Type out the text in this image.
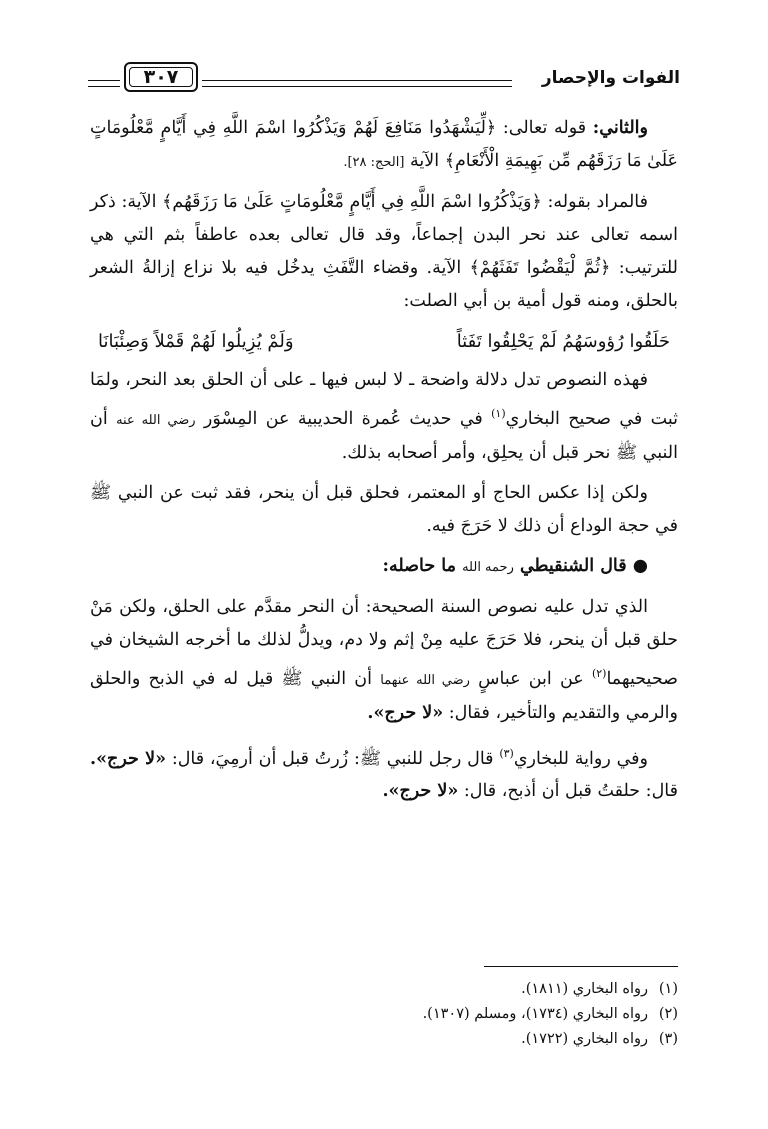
الفوات والإحصار
٣٠٧

والثاني: قوله تعالى: ﴿لِّيَشْهَدُوا مَنَافِعَ لَهُمْ وَيَذْكُرُوا اسْمَ اللَّهِ فِي أَيَّامٍ مَّعْلُومَاتٍ عَلَىٰ مَا رَزَقَهُم مِّن بَهِيمَةِ الْأَنْعَامِ﴾ الآية [الحج: ٢٨].

فالمراد بقوله: ﴿وَيَذْكُرُوا اسْمَ اللَّهِ فِي أَيَّامٍ مَّعْلُومَاتٍ عَلَىٰ مَا رَزَقَهُم﴾ الآية: ذكر اسمه تعالى عند نحر البدن إجماعاً، وقد قال تعالى بعده عاطفاً بثم التي هي للترتيب: ﴿ثُمَّ لْيَقْضُوا تَفَثَهُمْ﴾ الآية. وقضاء التَّفَثِ يدخُل فيه بلا نزاع إزالةُ الشعر بالحلق، ومنه قول أمية بن أبي الصلت:

حَلَقُوا رُؤوسَهُمُ لَمْ يَحْلِقُوا تَفَثاً
وَلَمْ يُزِيلُوا لَهُمْ قَمْلاً وَصِئْبَانَا

فهذه النصوص تدل دلالة واضحة ـ لا لبس فيها ـ على أن الحلق بعد النحر، ولمَا ثبت في صحيح البخاري$^{(١)}$ في حديث عُمرة الحديبية عن المِسْوَر رضي الله عنه أن النبي ﷺ نحر قبل أن يحلِق، وأمر أصحابه بذلك.

ولكن إذا عكس الحاج أو المعتمر، فحلق قبل أن ينحر، فقد ثبت عن النبي ﷺ في حجة الوداع أن ذلك لا حَرَجَ فيه.

● قال الشنقيطي رحمه الله ما حاصله:

الذي تدل عليه نصوص السنة الصحيحة: أن النحر مقدَّم على الحلق، ولكن مَنْ حلق قبل أن ينحر، فلا حَرَجَ عليه مِنْ إثم ولا دم، ويدلُّ لذلك ما أخرجه الشيخان في صحيحيهما$^{(٢)}$ عن ابن عباسٍ رضي الله عنهما أن النبي ﷺ قيل له في الذبح والحلق والرمي والتقديم والتأخير، فقال: «لا حرج».

وفي رواية للبخاري$^{(٣)}$ قال رجل للنبي ﷺ: زُرتُ قبل أن أرمِيَ، قال: «لا حرج». قال: حلقتُ قبل أن أذبح، قال: «لا حرج».

(١)رواه البخاري (١٨١١).
(٢)رواه البخاري (١٧٣٤)، ومسلم (١٣٠٧).
(٣)رواه البخاري (١٧٢٢).
